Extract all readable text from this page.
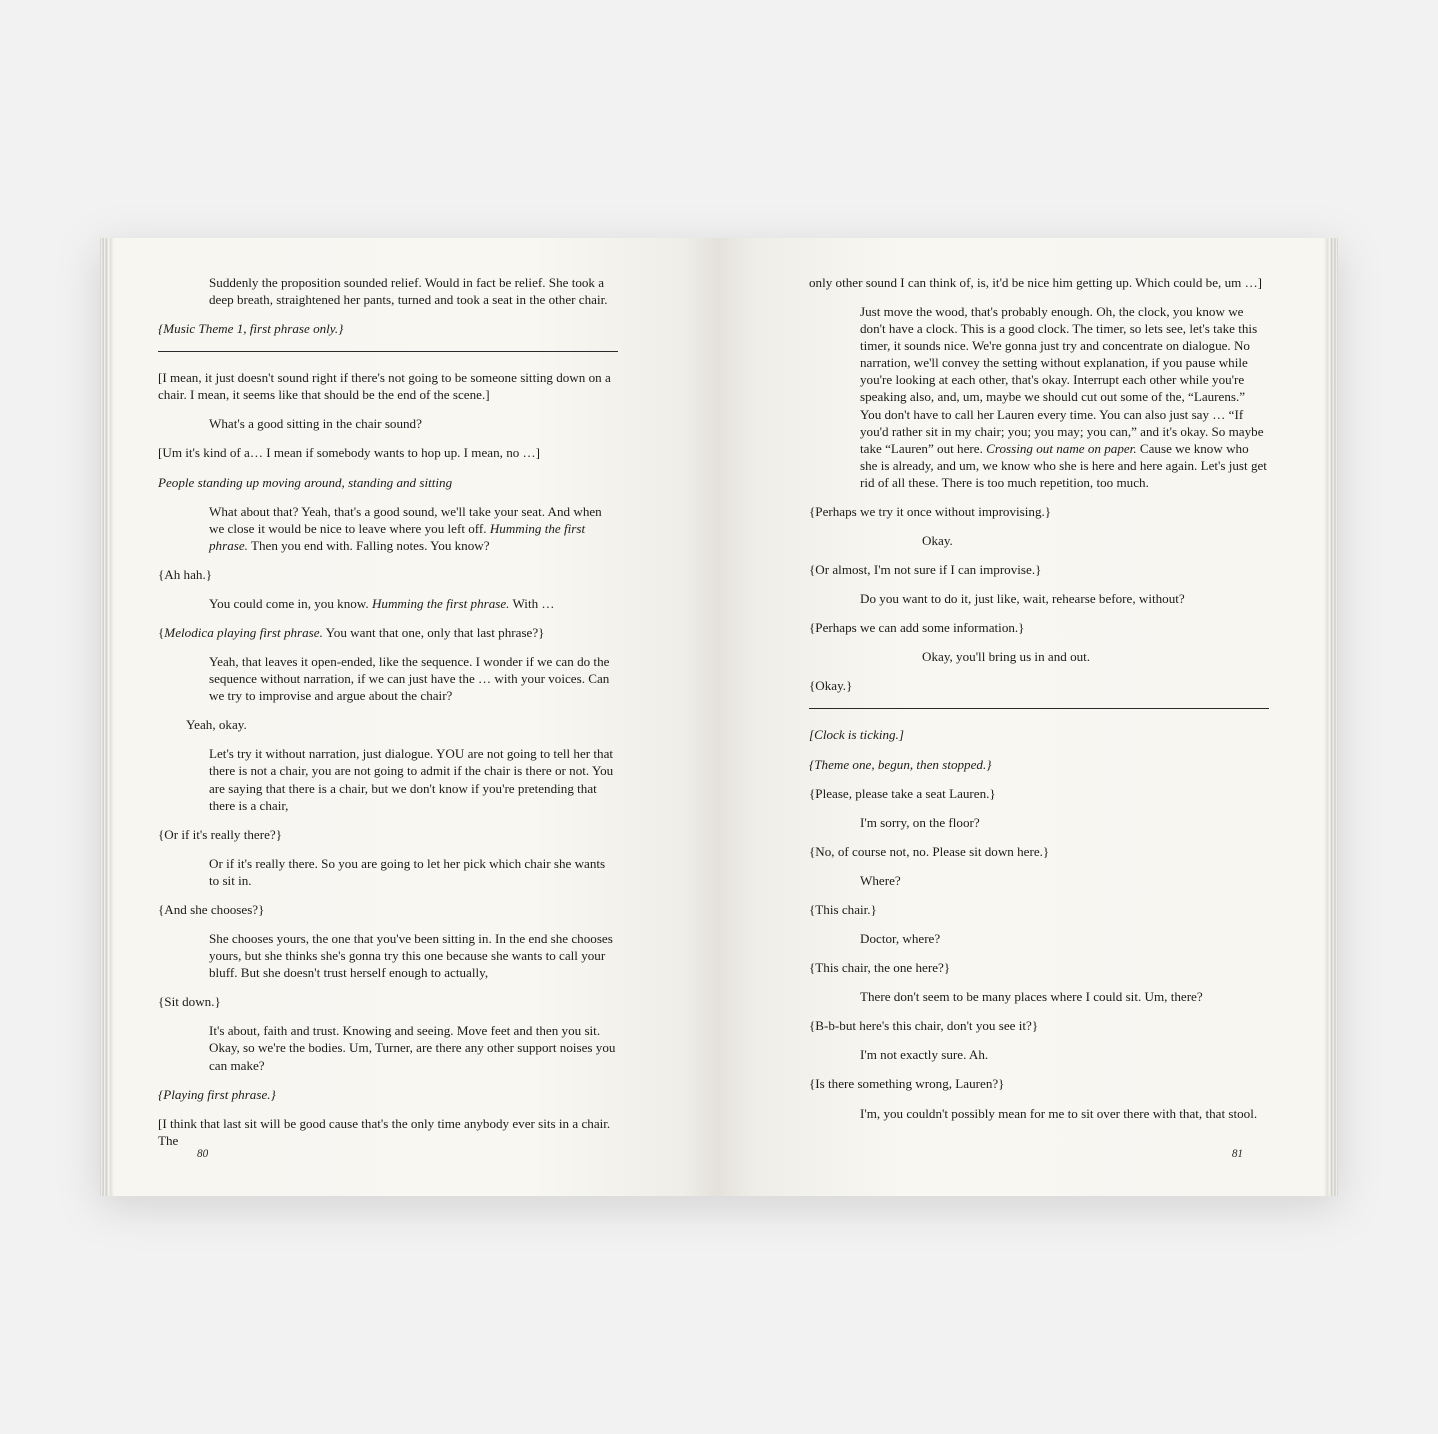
Suddenly the proposition sounded relief. Would in fact be relief. She took a deep breath, straightened her pants, turned and took a seat in the other chair.

{Music Theme 1, first phrase only.}

[I mean, it just doesn't sound right if there's not going to be someone sitting down on a chair. I mean, it seems like that should be the end of the scene.]

What's a good sitting in the chair sound?

[Um it's kind of a… I mean if somebody wants to hop up. I mean, no …]

People standing up moving around, standing and sitting

What about that? Yeah, that's a good sound, we'll take your seat. And when we close it would be nice to leave where you left off. Humming the first phrase. Then you end with. Falling notes. You know?

{Ah hah.}

You could come in, you know. Humming the first phrase. With …

{Melodica playing first phrase. You want that one, only that last phrase?}

Yeah, that leaves it open-ended, like the sequence. I wonder if we can do the sequence without narration, if we can just have the … with your voices. Can we try to improvise and argue about the chair?

Yeah, okay.

Let's try it without narration, just dialogue. YOU are not going to tell her that there is not a chair, you are not going to admit if the chair is there or not. You are saying that there is a chair, but we don't know if you're pretending that there is a chair,

{Or if it's really there?}

Or if it's really there. So you are going to let her pick which chair she wants to sit in.

{And she chooses?}

She chooses yours, the one that you've been sitting in. In the end she chooses yours, but she thinks she's gonna try this one because she wants to call your bluff. But she doesn't trust herself enough to actually,

{Sit down.}

It's about, faith and trust. Knowing and seeing. Move feet and then you sit. Okay, so we're the bodies. Um, Turner, are there any other support noises you can make?

{Playing first phrase.}

[I think that last sit will be good cause that's the only time anybody ever sits in a chair. The

80

only other sound I can think of, is, it'd be nice him getting up. Which could be, um …]

Just move the wood, that's probably enough. Oh, the clock, you know we don't have a clock. This is a good clock. The timer, so lets see, let's take this timer, it sounds nice. We're gonna just try and concentrate on dialogue. No narration, we'll convey the setting without explanation, if you pause while you're looking at each other, that's okay. Interrupt each other while you're speaking also, and, um, maybe we should cut out some of the, “Laurens.” You don't have to call her Lauren every time. You can also just say … “If you'd rather sit in my chair; you; you may; you can,” and it's okay. So maybe take “Lauren” out here. Crossing out name on paper. Cause we know who she is already, and um, we know who she is here and here again. Let's just get rid of all these. There is too much repetition, too much.

{Perhaps we try it once without improvising.}

Okay.

{Or almost, I'm not sure if I can improvise.}

Do you want to do it, just like, wait, rehearse before, without?

{Perhaps we can add some information.}

Okay, you'll bring us in and out.

{Okay.}

[Clock is ticking.]

{Theme one, begun, then stopped.}

{Please, please take a seat Lauren.}

I'm sorry, on the floor?

{No, of course not, no. Please sit down here.}

Where?

{This chair.}

Doctor, where?

{This chair, the one here?}

There don't seem to be many places where I could sit. Um, there?

{B-b-but here's this chair, don't you see it?}

I'm not exactly sure. Ah.

{Is there something wrong, Lauren?}

I'm, you couldn't possibly mean for me to sit over there with that, that stool.

81
